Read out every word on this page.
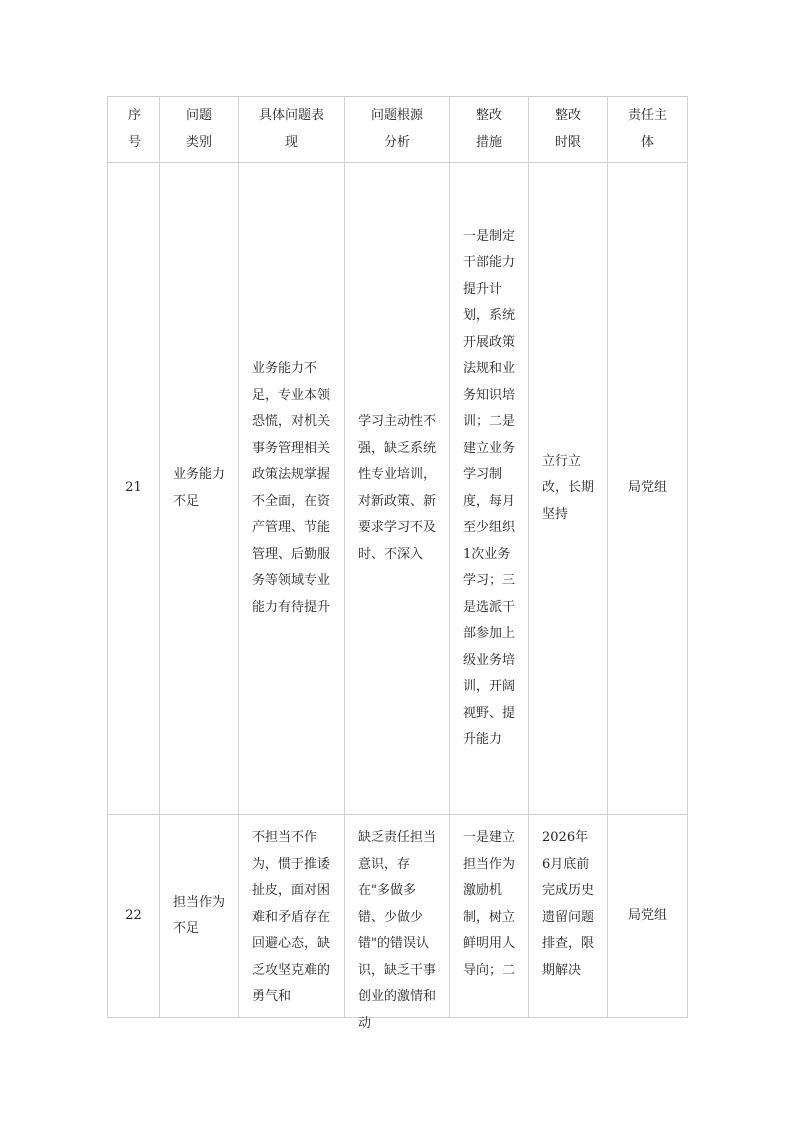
序号	问题类别	具体问题表现	问题根源分析	整改措施	整改时限	责任主体
21	业务能力不足	业务能力不足，专业本领恐慌，对机关事务管理相关政策法规掌握不全面，在资产管理、节能管理、后勤服务等领域专业能力有待提升	学习主动性不强，缺乏系统性专业培训，对新政策、新要求学习不及时、不深入	一是制定干部能力提升计划，系统开展政策法规和业务知识培训；二是建立业务学习制度，每月至少组织1次业务学习；三是选派干部参加上级业务培训，开阔视野、提升能力	立行立改，长期坚持	局党组
22	担当作为不足	不担当不作为，惯于推诿扯皮，面对困难和矛盾存在回避心态，缺乏攻坚克难的勇气和	缺乏责任担当意识，存在"多做多错、少做少错"的错误认识，缺乏干事创业的激情和动	一是建立担当作为激励机制，树立鲜明用人导向；二	2026年6月底前完成历史遗留问题排查，限期解决	局党组
